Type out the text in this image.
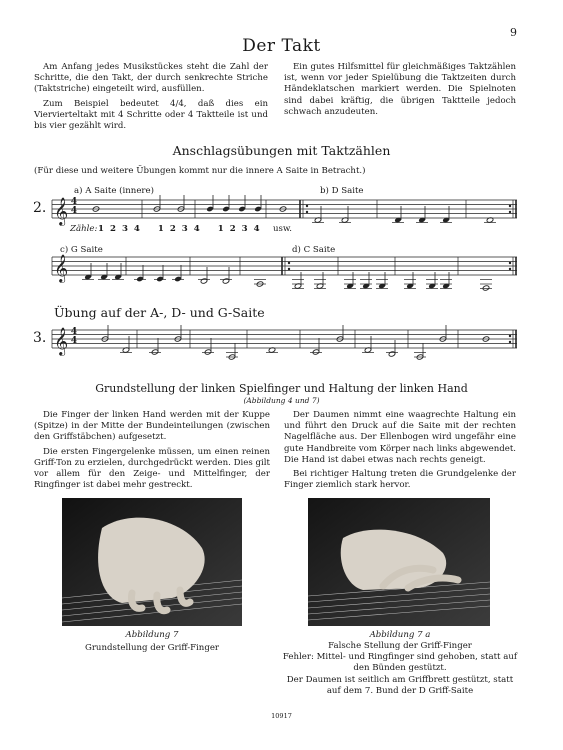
9
Der Takt

Am Anfang jedes Musikstückes steht die Zahl der Schritte, die den Takt, der durch senkrechte Striche (Taktstriche) eingeteilt wird, ausfüllen.

Zum Beispiel bedeutet 4/4, daß dies ein Viervierteltakt mit 4 Schritte oder 4 Taktteile ist und bis vier gezählt wird.

Ein gutes Hilfsmittel für gleichmäßiges Taktzählen ist, wenn vor jeder Spielübung die Taktzeiten durch Händeklatschen markiert werden. Die Spielnoten sind dabei kräftig, die übrigen Taktteile jedoch schwach anzudeuten.

Anschlagsübungen mit Taktzählen
(Für diese und weitere Übungen kommt nur die innere A Saite in Betracht.)
𝄞
𝄞
𝄞
4
4
4
4
2.
3.
a) A Saite (innere)	b) D Saite
c) G Saite	d) C Saite
Zähle: 1 2 3 4   1 2 3 4   1 2 3 4 usw.
Übung auf der A-, D- und G-Saite
Grundstellung der linken Spielfinger und Haltung der linken Hand
(Abbildung 4 und 7)

Die Finger der linken Hand werden mit der Kuppe (Spitze) in der Mitte der Bundeinteilungen (zwischen den Griffstäbchen) aufgesetzt.

Die ersten Fingergelenke müssen, um einen reinen Griff-Ton zu erzielen, durchgedrückt werden. Dies gilt vor allem für den Zeige- und Mittelfinger, der Ringfinger ist dabei mehr gestreckt.

Der Daumen nimmt eine waagrechte Haltung ein und führt den Druck auf die Saite mit der rechten Nagelfläche aus. Der Ellenbogen wird ungefähr eine gute Handbreite vom Körper nach links abgewendet. Die Hand ist dabei etwas nach rechts geneigt.

Bei richtiger Haltung treten die Grundgelenke der Finger ziemlich stark hervor.

Abbildung 7
Grundstellung der Griff-Finger
Abbildung 7 a
Falsche Stellung der Griff-Finger
Fehler: Mittel- und Ringfinger sind gehoben, statt auf den Bünden gestützt.
Der Daumen ist seitlich am Griffbrett gestützt, statt auf dem 7. Bund der D Griff-Saite
10917
